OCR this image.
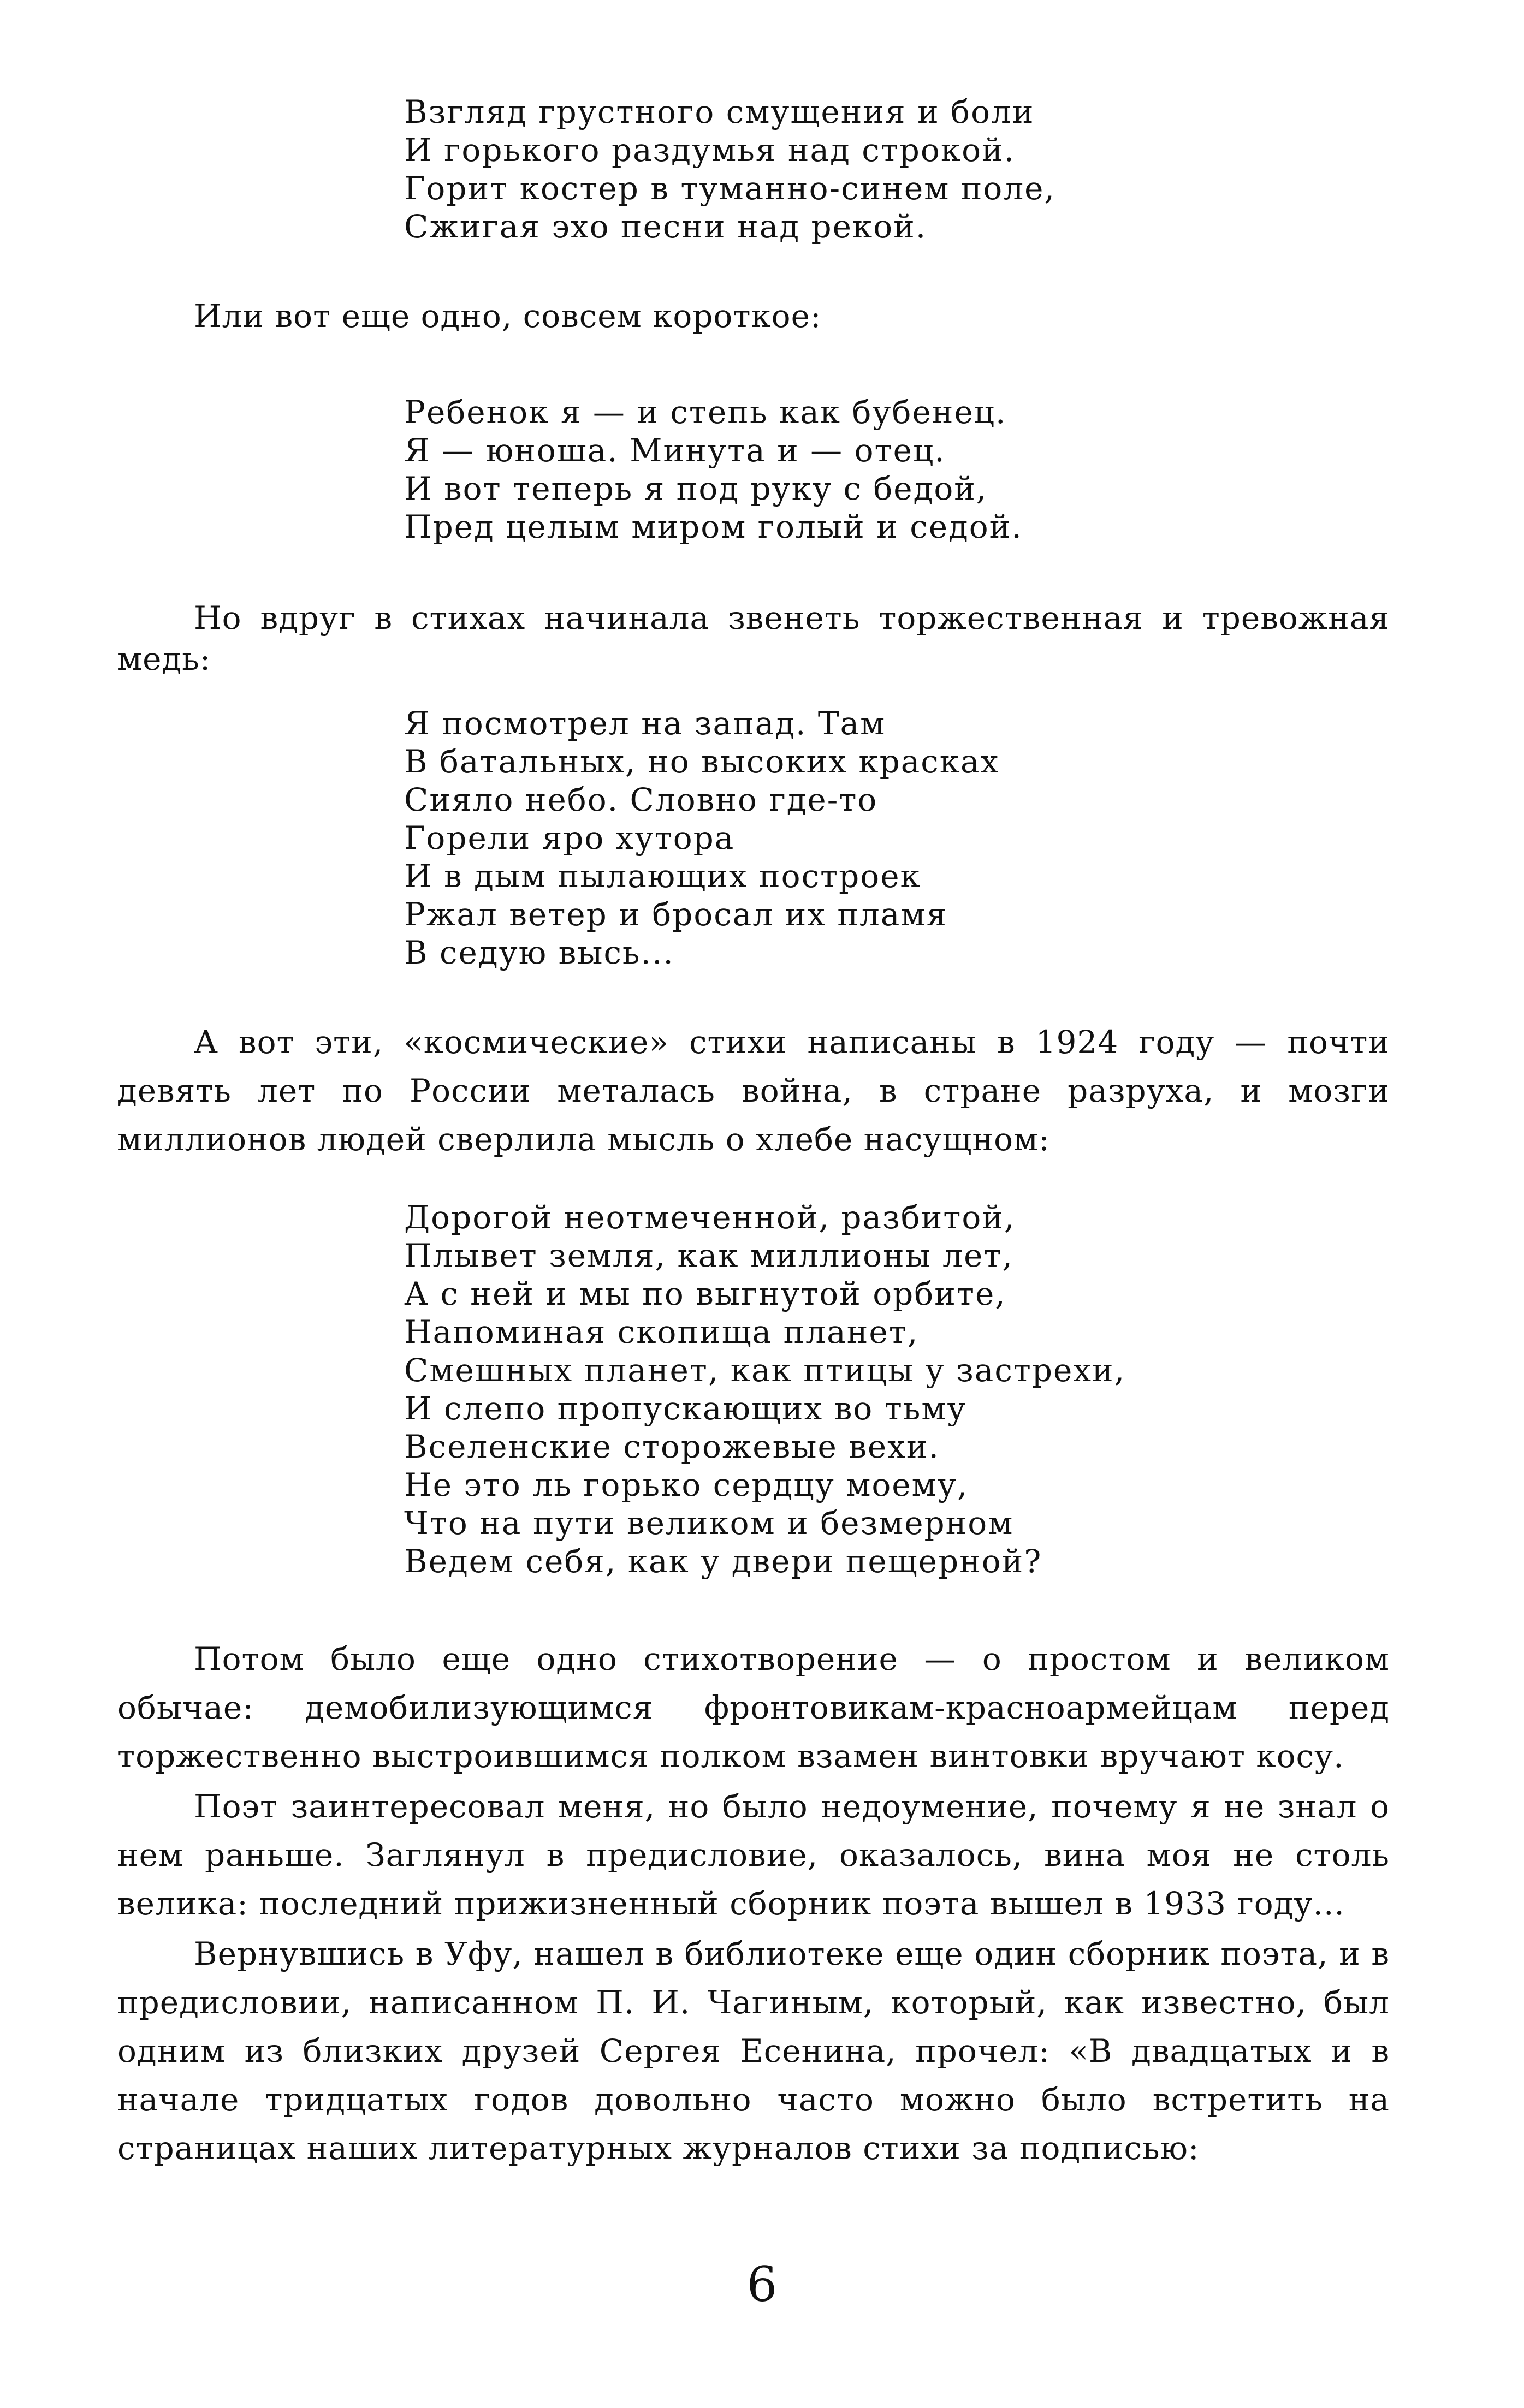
Взгляд грустного смущения и боли
И горького раздумья над строкой.
Горит костер в туманно-синем поле,
Сжигая эхо песни над рекой.

Или вот еще одно, совсем короткое:

Ребенок я — и степь как бубенец.
Я — юноша. Минута и — отец.
И вот теперь я под руку с бедой,
Пред целым миром голый и седой.

Но вдруг в стихах начинала звенеть торжественная и тревожная медь:

Я посмотрел на запад. Там
В батальных, но высоких красках
Сияло небо. Словно где-то
Горели яро хутора
И в дым пылающих построек
Ржал ветер и бросал их пламя
В седую высь...

А вот эти, «космические» стихи написаны в 1924 году — почти девять лет по России металась война, в стране разруха, и мозги миллионов людей сверлила мысль о хлебе насущном:

Дорогой неотмеченной, разбитой,
Плывет земля, как миллионы лет,
А с ней и мы по выгнутой орбите,
Напоминая скопища планет,
Смешных планет, как птицы у застрехи,
И слепо пропускающих во тьму
Вселенские сторожевые вехи.
Не это ль горько сердцу моему,
Что на пути великом и безмерном
Ведем себя, как у двери пещерной?

Потом было еще одно стихотворение — о простом и великом обычае: демобилизующимся фронтовикам-красноармейцам перед торжественно выстроившимся полком взамен винтовки вручают косу.

Поэт заинтересовал меня, но было недоумение, почему я не знал о нем раньше. Заглянул в предисловие, оказалось, вина моя не столь велика: последний прижизненный сборник поэта вышел в 1933 году...

Вернувшись в Уфу, нашел в библиотеке еще один сборник поэта, и в предисловии, написанном П. И. Чагиным, который, как известно, был одним из близких друзей Сергея Есенина, прочел: «В двадцатых и в начале тридцатых годов довольно часто можно было встретить на страницах наших литературных журналов стихи за подписью:

6
